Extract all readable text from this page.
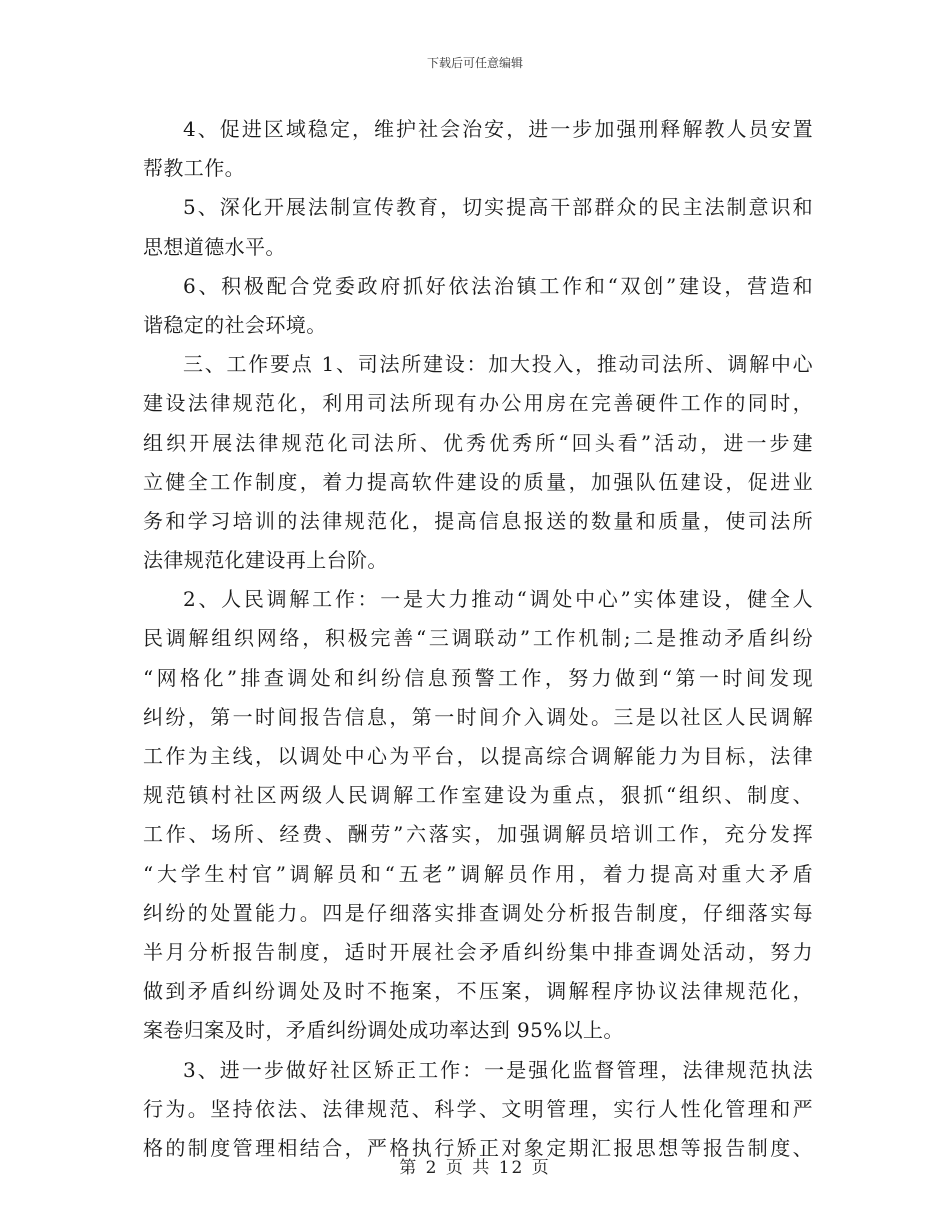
下载后可任意编辑
4、促进区域稳定，维护社会治安，进一步加强刑释解教人员安置
帮教工作。
5、深化开展法制宣传教育，切实提高干部群众的民主法制意识和
思想道德水平。
6、积极配合党委政府抓好依法治镇工作和“双创”建设，营造和
谐稳定的社会环境。
三、工作要点 1、司法所建设：加大投入，推动司法所、调解中心
建设法律规范化，利用司法所现有办公用房在完善硬件工作的同时，
组织开展法律规范化司法所、优秀优秀所“回头看”活动，进一步建
立健全工作制度，着力提高软件建设的质量，加强队伍建设，促进业
务和学习培训的法律规范化，提高信息报送的数量和质量，使司法所
法律规范化建设再上台阶。
2、人民调解工作：一是大力推动“调处中心”实体建设，健全人
民调解组织网络，积极完善“三调联动”工作机制;二是推动矛盾纠纷
“网格化”排查调处和纠纷信息预警工作，努力做到“第一时间发现
纠纷，第一时间报告信息，第一时间介入调处。三是以社区人民调解
工作为主线，以调处中心为平台，以提高综合调解能力为目标，法律
规范镇村社区两级人民调解工作室建设为重点，狠抓“组织、制度、
工作、场所、经费、酬劳”六落实，加强调解员培训工作，充分发挥
“大学生村官”调解员和“五老”调解员作用，着力提高对重大矛盾
纠纷的处置能力。四是仔细落实排查调处分析报告制度，仔细落实每
半月分析报告制度，适时开展社会矛盾纠纷集中排查调处活动，努力
做到矛盾纠纷调处及时不拖案，不压案，调解程序协议法律规范化，
案卷归案及时，矛盾纠纷调处成功率达到 95%以上。
3、进一步做好社区矫正工作：一是强化监督管理，法律规范执法
行为。坚持依法、法律规范、科学、文明管理，实行人性化管理和严
格的制度管理相结合，严格执行矫正对象定期汇报思想等报告制度、
第 2 页 共 12 页
